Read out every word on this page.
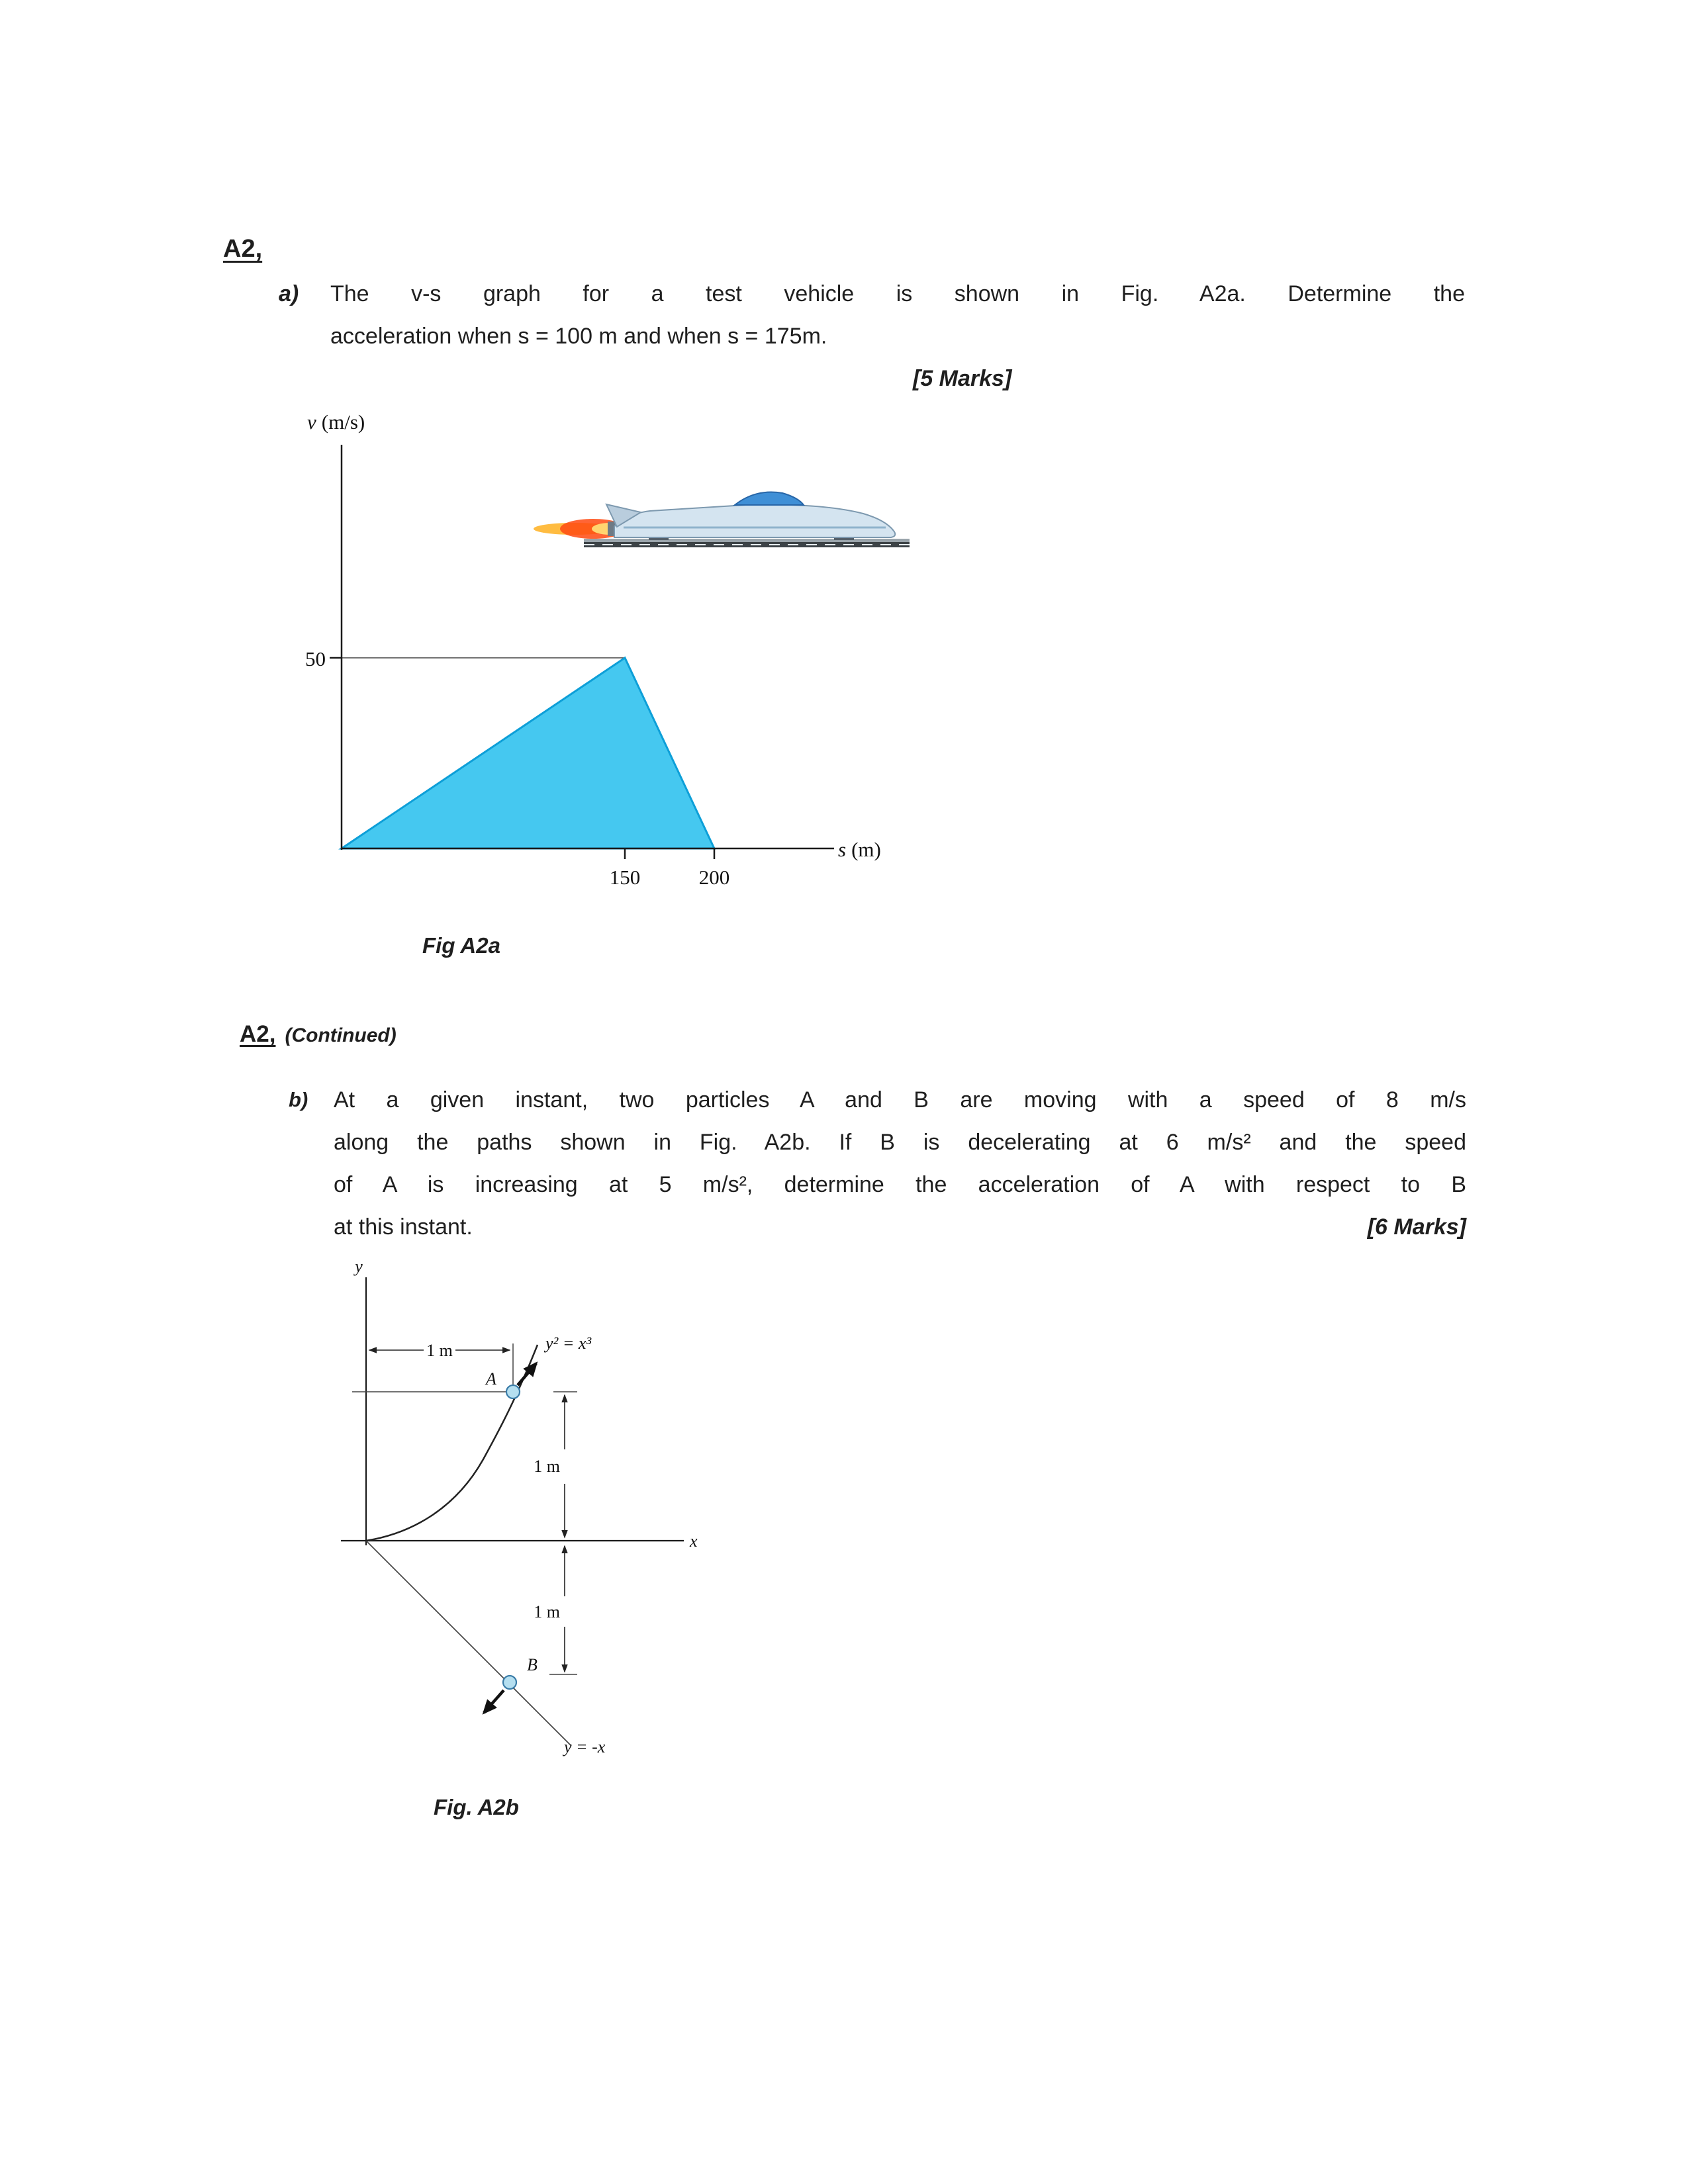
A2,
a) The v-s graph for a test vehicle is shown in Fig. A2a. Determine the
acceleration when s = 100 m and when s = 175m.
[5 Marks]
v (m/s)
s (m)
50
150	200
Fig A2a
A2, (Continued)
b) At a given instant, two particles A and B are moving with a speed of 8 m/s
along the paths shown in Fig. A2b. If B is decelerating at 6 m/s² and the speed
of A is increasing at 5 m/s², determine the acceleration of A with respect to B
at this instant.	[6 Marks]
y
x
y = -x
y² = x³
1 m
1 m
1 m
A
B
Fig. A2b
